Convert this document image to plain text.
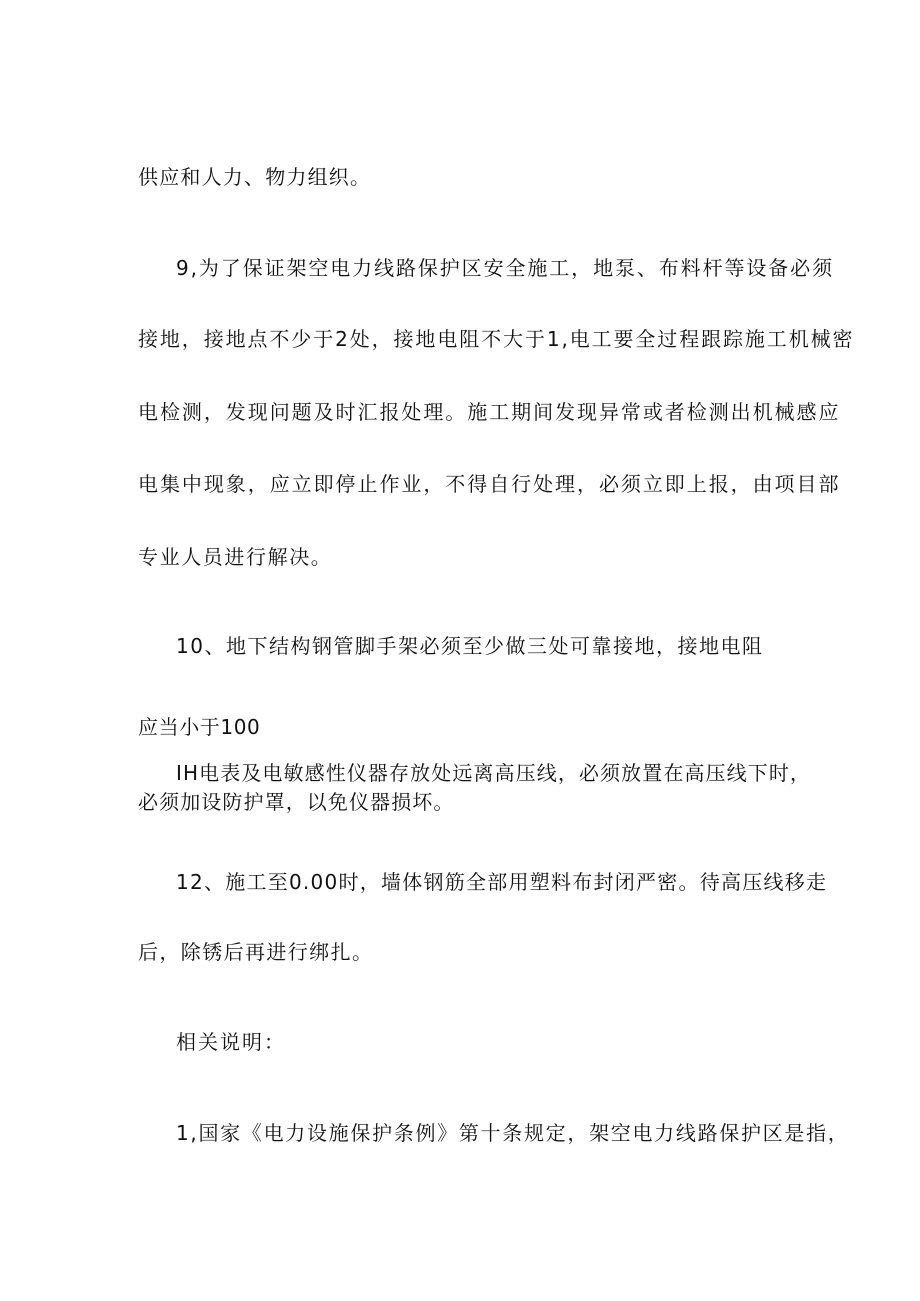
供应和人力、物力组织。

9,为了保证架空电力线路保护区安全施工，地泵、布料杆等设备必须

接地，接地点不少于2处，接地电阻不大于1,电工要全过程跟踪施工机械密

电检测，发现问题及时汇报处理。施工期间发现异常或者检测出机械感应

电集中现象，应立即停止作业，不得自行处理，必须立即上报，由项目部

专业人员进行解决。

10、地下结构钢管脚手架必须至少做三处可靠接地，接地电阻

应当小于100

IH电表及电敏感性仪器存放处远离高压线，必须放置在高压线下时，

必须加设防护罩，以免仪器损坏。

12、施工至0.00时，墙体钢筋全部用塑料布封闭严密。待高压线移走

后，除锈后再进行绑扎。

相关说明：

1,国家《电力设施保护条例》第十条规定，架空电力线路保护区是指，
